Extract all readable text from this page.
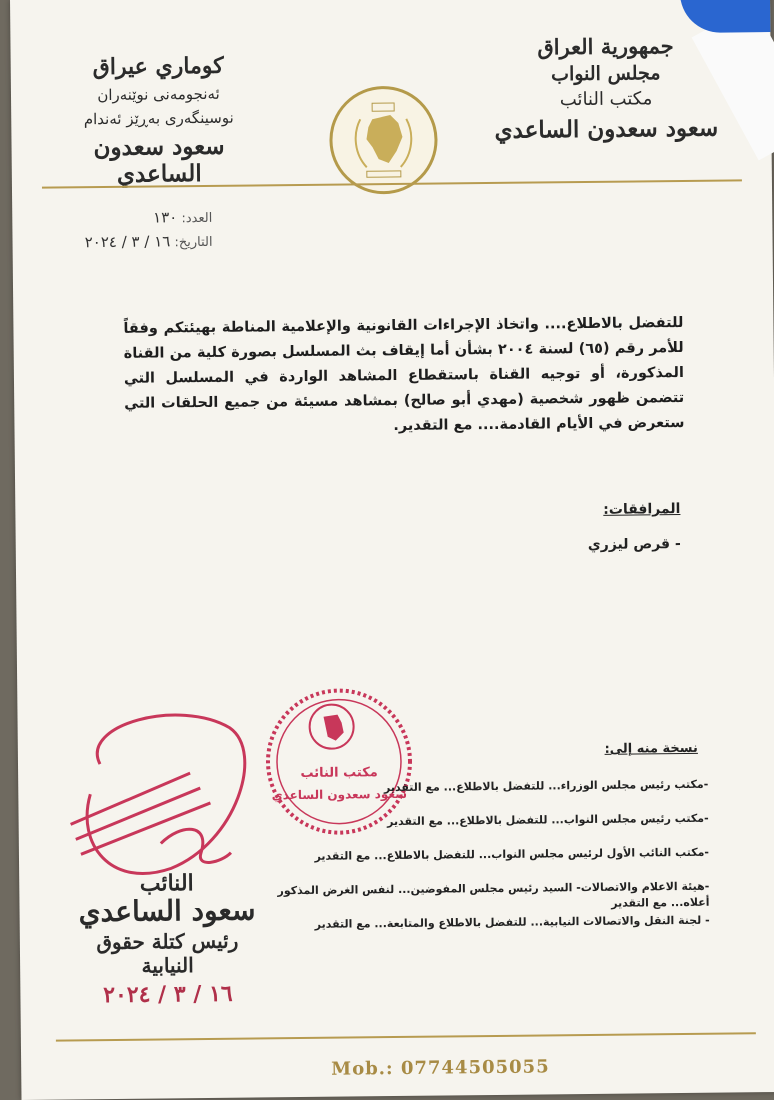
جمهورية العراق
مجلس النواب
مكتب النائب
سعود سعدون الساعدي
كوماري عيراق
ئەنجومەنی نوێنەران
نوسینگەری بەڕێز ئەندام
سعود سعدون الساعدي
العدد: ١٣٠
التاريخ: ١٦ / ٣ / ٢٠٢٤
للتفضل بالاطلاع.... واتخاذ الإجراءات القانونية والإعلامية المناطة بهيئتكم وفقاً للأمر رقم (٦٥) لسنة ٢٠٠٤ بشأن أما إيقاف بث المسلسل بصورة كلية من القناة المذكورة، أو توجيه القناة باستقطاع المشاهد الواردة في المسلسل التي تتضمن ظهور شخصية (مهدي أبو صالح) بمشاهد مسيئة من جميع الحلقات التي ستعرض في الأيام القادمة.... مع التقدير.
المرافقات:
- قرص ليزري
مكتب النائب
سعود سعدون الساعدي
نسخة منه إلى:
-مكتب رئيس مجلس الوزراء... للتفضل بالاطلاع... مع التقدير
-مكتب رئيس مجلس النواب... للتفضل بالاطلاع... مع التقدير
-مكتب النائب الأول لرئيس مجلس النواب... للتفضل بالاطلاع... مع التقدير
-هيئة الاعلام والاتصالات- السيد رئيس مجلس المفوضين... لنفس الغرض المذكور أعلاه... مع التقدير
- لجنة النقل والاتصالات النيابية... للتفضل بالاطلاع والمتابعة... مع التقدير
النائب
سعود الساعدي
رئيس كتلة حقوق النيابية
١٦ / ٣ / ٢٠٢٤
Mob.: 07744505055
